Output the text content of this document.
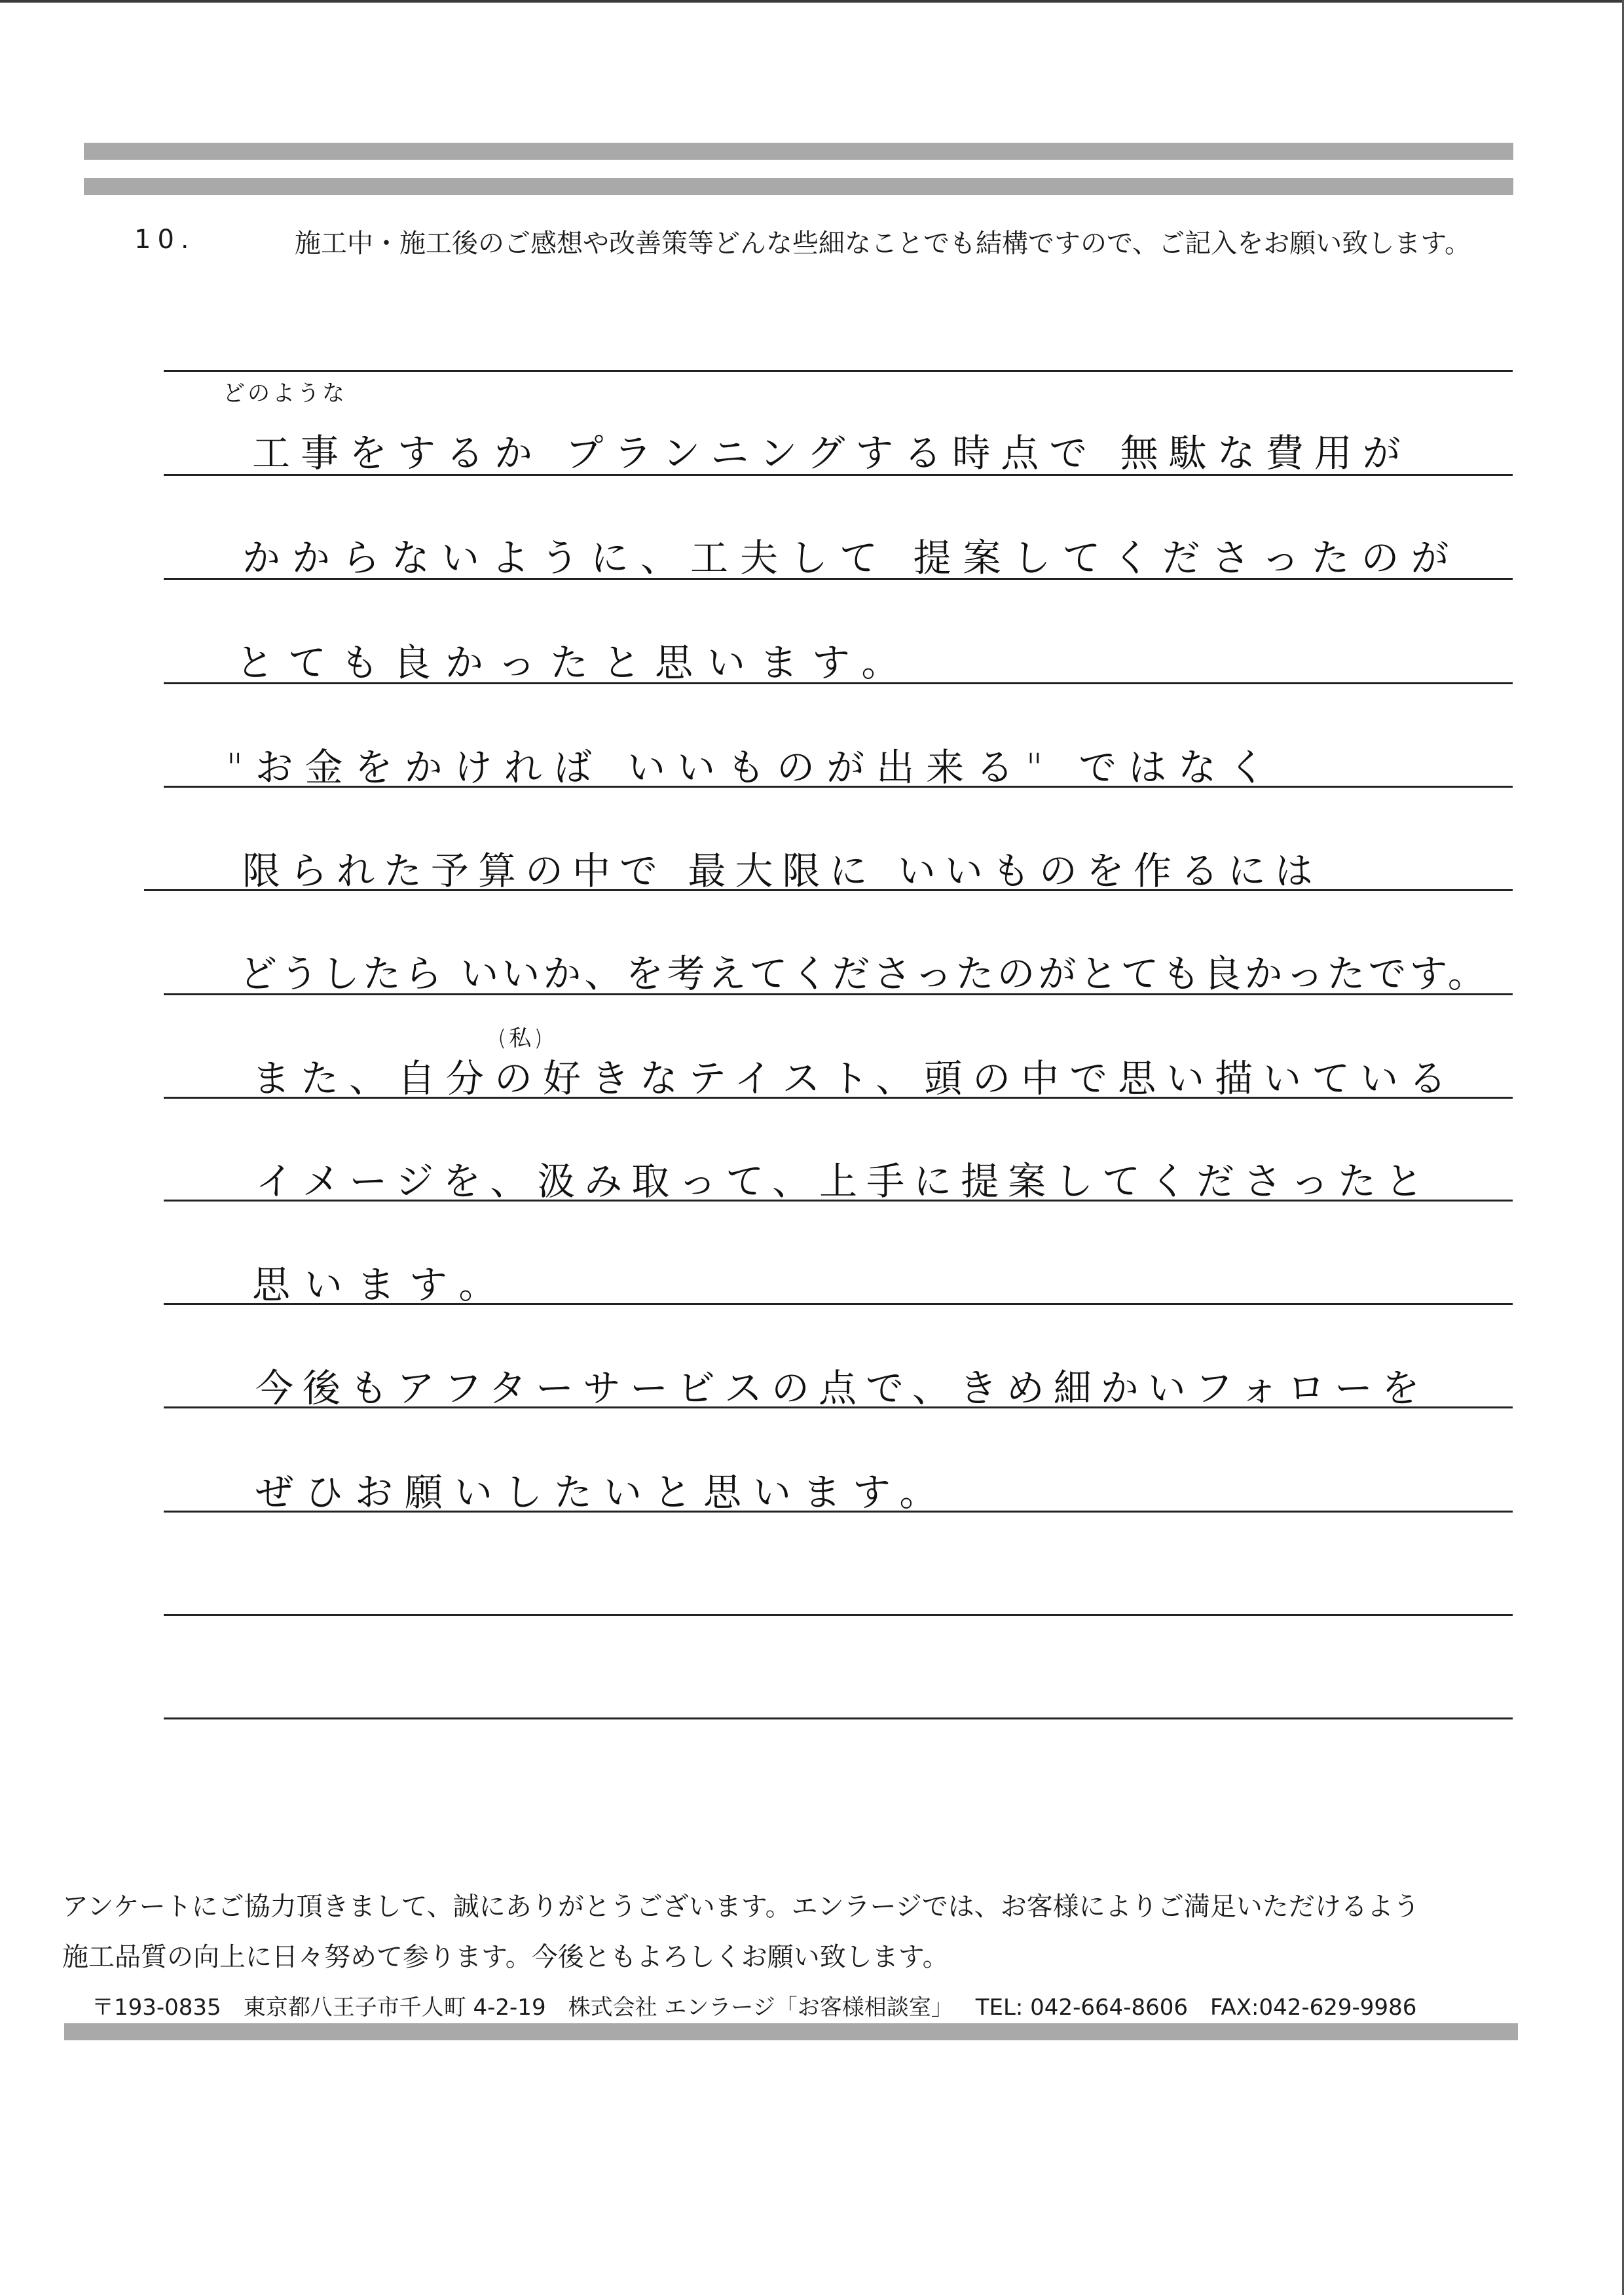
10.	施工中・施工後のご感想や改善策等どんな些細なことでも結構ですので、ご記入をお願い致します。
どのような
工事をするか プランニングする時点で 無駄な費用が
かからないように、工夫して 提案してくださったのが
とても良かったと思います。
"お金をかければ いいものが出来る" ではなく
限られた予算の中で 最大限に いいものを作るには
どうしたら いいか、を考えてくださったのがとても良かったです。
(私)
また、自分の好きなテイスト、頭の中で思い描いている
イメージを、汲み取って、上手に提案してくださったと
思います。
今後もアフターサービスの点で、きめ細かいフォローを
ぜひお願いしたいと思います。
アンケートにご協力頂きまして、誠にありがとうございます。エンラージでは、お客様によりご満足いただけるよう
施工品質の向上に日々努めて参ります。今後ともよろしくお願い致します。
〒193-0835 東京都八王子市千人町 4-2-19 株式会社 エンラージ「お客様相談室」 TEL: 042-664-8606 FAX:042-629-9986
